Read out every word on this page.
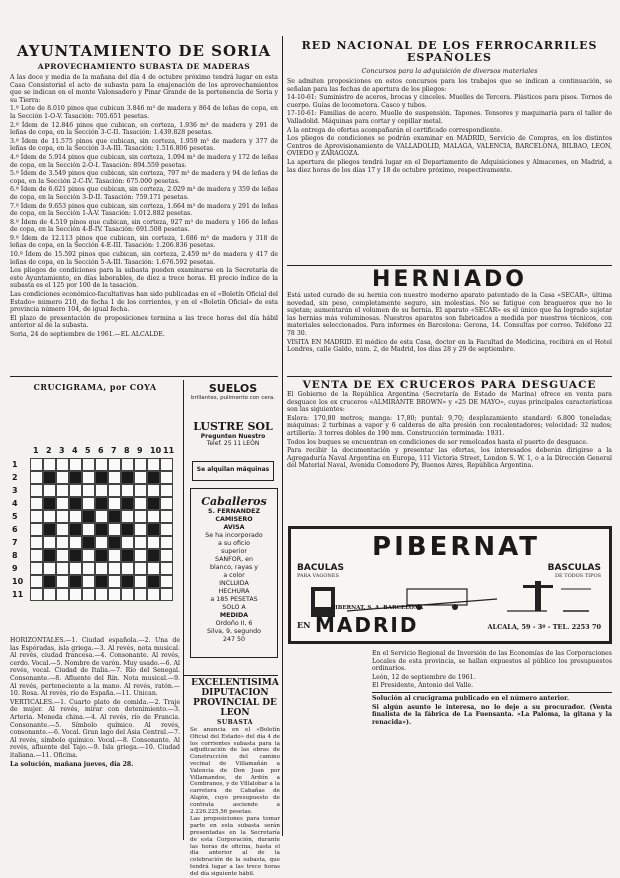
AYUNTAMIENTO DE SORIA
APROVECHAMIENTO SUBASTA DE MADERAS

A las doce y media de la mañana del día 4 de octubre próximo tendrá lugar en esta Casa Consistorial el acto de subasta para la enajenación de los aprovechamientos que se indican en el monte Valonsadero y Pinar Grande de la pertenencia de Soria y su Tierra:

1.º Lote de 8.010 pinos que cubican 3.846 m³ de madera y 864 de leñas de copa, en la Sección 1-O-V. Tasación: 705.651 pesetas.

2.º Ídem de 12.846 pinos que cubican, en corteza, 1.936 m³ de madera y 291 de leñas de copa, en la Sección 3-C-II. Tasación: 1.439.828 pesetas.

3.º Ídem de 11.575 pinos que cubican, sin corteza, 1.959 m³ de madera y 377 de leñas de copa, en la Sección 3-A-III. Tasación: 1.516.806 pesetas.

4.º Ídem de 5.914 pinos que cubican, sin corteza, 1.094 m³ de madera y 172 de leñas de copa, en la Sección 2-O-I. Tasación: 894.559 pesetas.

5.º Ídem de 3.549 pinos que cubican, sin corteza, 797 m³ de madera y 94 de leñas de copa, en la Sección 2-C-IV. Tasación: 675.000 pesetas.

6.º Ídem de 6.621 pinos que cubican, sin corteza, 2.029 m³ de madera y 359 de leñas de copa, en la Sección 3-D-II. Tasación: 759.171 pesetas.

7.º Ídem de 9.653 pinos que cubican, sin corteza, 1.664 m³ de madera y 291 de leñas de copa, en la Sección 1-A-V. Tasación: 1.012.882 pesetas.

8.º Ídem de 4.519 pinos que cubican, sin corteza, 927 m³ de madera y 166 de leñas de copa, en la Sección 4-B-IV. Tasación: 691.508 pesetas.

9.º Ídem de 12.113 pinos que cubican, sin corteza, 1.686 m³ de madera y 318 de leñas de copa, en la Sección 4-E-III. Tasación: 1.206.836 pesetas.

10.º Ídem de 15.592 pinos que cubican, sin corteza, 2.459 m³ de madera y 417 de leñas de copa, en la Sección 5-A-III. Tasación: 1.676.592 pesetas.

Los pliegos de condiciones para la subasta pueden examinarse en la Secretaría de este Ayuntamiento, en días laborables, de diez a trece horas. El precio índice de la subasta es el 125 por 100 de la tasación.

Las condiciones económico-facultativas han sido publicadas en el «Boletín Oficial del Estado» número 210, de fecha 1 de los corrientes, y en el «Boletín Oficial» de esta provincia número 104, de igual fecha.

El plazo de presentación de proposiciones termina a las trece horas del día hábil anterior al de la subasta.

Soria, 24 de septiembre de 1961.—EL ALCALDE.

CRUCIGRAMA, por COYA
1 2 3 4 5 6 7 8 9 10 11
1
2
3
4
5
6
7
8
9
10
11

HORIZONTALES.—1. Ciudad española.—2. Una de las Espóradas, isla griega.—3. Al revés, nota musical. Al revés, ciudad francesa.—4. Consonante. Al revés, cerdo. Vocal.—5. Nombre de varón. Muy usado.—6. Al revés, vocal. Ciudad de Italia.—7. Río del Senegal. Consonante.—8. Afluente del Rin. Nota musical.—9. Al revés, perteneciente a la mano. Al revés, ratón.—10. Rosa. Al revés, río de España.—11. Unican.

VERTICALES.—1. Cuarto plato de comida.—2. Traje de mujer. Al revés, mirar con detenimiento.—3. Arteria. Moneda china.—4. Al revés, río de Francia. Consonante.—5. Símbolo químico. Al revés, consonante.—6. Vocal. Gran lago del Asia Central.—7. Al revés, símbolo químico. Vocal.—8. Consonante. Al revés, afluente del Tajo.—9. Isla griega.—10. Ciudad italiana.—11. Oficina.

La solución, mañana jueves, día 28.

SUELOS
brillantes, pulimento con cera.
LUSTRE SOL
Pregunten Nuestro
Telef. 25 11 LEÓN
Se alquilan máquinas
Caballeros
S. FERNANDEZ
CAMISERO
AVISA
Se ha incorporado
a su oficio
superior
SANFOR, en
blanco, rayas y
a color
INCLUIDA
HECHURA
a 185 PESETAS
SOLO A
MEDIDA
Ordoño II, 6
Silva, 9, segundo
247 50
EXCELENTISIMA DIPUTACION PROVINCIAL DE LEON
SUBASTA

Se anuncia en el «Boletín Oficial del Estado» del día 4 de los corrientes subasta para la adjudicación de las obras de Construcción del camino vecinal de Villamañán a Valencia de Don Juan por Villamandos, de Ardón a Cembranos, y de Villalobar a la carretera de Cabañas de Alajón, cuyo presupuesto de contrata asciende a 2.226.225,56 pesetas.

Las proposiciones para tomar parte en esta subasta serán presentadas en la Secretaría de esta Corporación, durante las horas de oficina, hasta el día anterior al de la celebración de la subasta, que tendrá lugar a las trece horas del día siguiente hábil.

RED NACIONAL DE LOS FERROCARRILES ESPAÑOLES
Concursos para la adquisición de diversos materiales

Se admiten proposiciones en estos concursos para los trabajos que se indican a continuación, se señalan para las fechas de apertura de los pliegos:

14-10-61: Suministro de aceros, brocas y cinceles. Muelles de Tercera. Plásticos para pisos. Tornos de cuerpo. Guías de locomotora. Casco y tubos.

17-10-61: Familias de acero. Muelle de suspensión. Tapones. Tensores y maquinaria para el taller de Valladolid. Máquinas para cortar y cepillar metal.

A la entrega de ofertas acompañarán el certificado correspondiente.

Los pliegos de condiciones se podrán examinar en MADRID, Servicio de Compras, en los distintos Centros de Aprovisionamiento de VALLADOLID, MALAGA, VALENCIA, BARCELONA, BILBAO, LEON, OVIEDO y ZARAGOZA.

La apertura de pliegos tendrá lugar en el Departamento de Adquisiciones y Almacenes, en Madrid, a las diez horas de los días 17 y 18 de octubre próximo, respectivamente.

HERNIADO

Está usted curado de su hernia con nuestro moderno aparato patentado de la Casa «SECAR», última novedad, sin peso, completamente seguro, sin molestias. No se fatigue con bragueros que no le sujetan; aumentarán el volumen de su hernia. El aparato «SECAR» es el único que ha logrado sujetar las hernias más voluminosas. Nuestros aparatos son fabricados a medida por nuestros técnicos, con materiales seleccionados. Para informes en Barcelona: Gerona, 14. Consultas por correo. Teléfono 22 78 30.

VISITA EN MADRID. El médico de esta Casa, doctor en la Facultad de Medicina, recibirá en el Hotel Londres, calle Galdo, núm. 2, de Madrid, los días 28 y 29 de septiembre.

VENTA DE EX CRUCEROS PARA DESGUACE

El Gobierno de la República Argentina (Secretaría de Estado de Marina) ofrece en venta para desguace los ex cruceros «ALMIRANTE BROWN» y «25 DE MAYO», cuyas principales características son las siguientes:

Eslora: 170,80 metros; manga: 17,80; puntal: 9,70; desplazamiento standard: 6.800 toneladas; máquinas: 2 turbinas a vapor y 6 calderas de alta presión con recalentadores; velocidad: 32 nudos; artillería: 3 torres dobles de 190 mm. Construcción terminada: 1931.

Todos los buques se encuentran en condiciones de ser remolcados hasta el puerto de desguace.

Para recibir la documentación y presentar las ofertas, los interesados deberán dirigirse a la Agregaduría Naval Argentina en Europa, 111 Victoria Street, London S. W. 1, o a la Dirección General del Material Naval, Avenida Comodoro Py, Buenos Aires, República Argentina.

PIBERNAT
BACULAS
PARA VAGONES
BASCULAS
DE TODOS TIPOS
PIBERNAT, S. A. BARCELONA
EN MADRID	ALCALA, 59 - 3º - TEL. 2253 70

En el Servicio Regional de Inversión de las Economías de las Corporaciones Locales de esta provincia, se hallan expuestos al público los presupuestos ordinarios.

León, 12 de septiembre de 1961.

El Presidente, Antonio del Valle.

Solución al crucigrama publicado en el número anterior.

Si algún asunto le interesa, no lo deje a su procurador. (Venta finalista de la fábrica de La Fuensanta. «La Paloma, la gitana y la renacida»).
